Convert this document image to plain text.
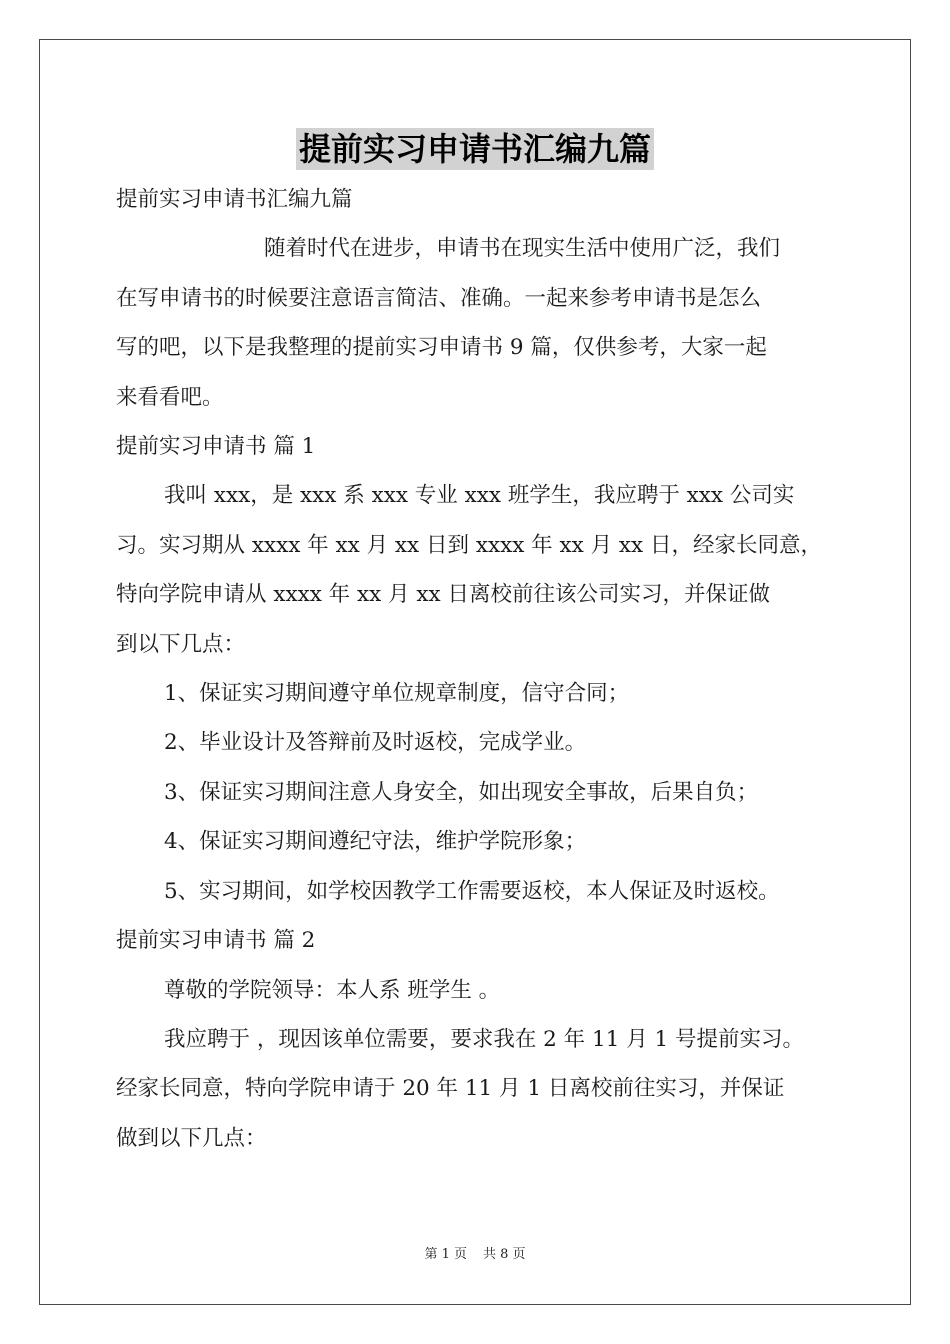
提前实习申请书汇编九篇

提前实习申请书汇编九篇

随着时代在进步，申请书在现实生活中使用广泛，我们

在写申请书的时候要注意语言简洁、准确。一起来参考申请书是怎么

写的吧，以下是我整理的提前实习申请书 9 篇，仅供参考，大家一起

来看看吧。

提前实习申请书 篇 1

我叫 xxx，是 xxx 系 xxx 专业 xxx 班学生，我应聘于 xxx 公司实

习。实习期从 xxxx 年 xx 月 xx 日到 xxxx 年 xx 月 xx 日，经家长同意，

特向学院申请从 xxxx 年 xx 月 xx 日离校前往该公司实习，并保证做

到以下几点：

1、保证实习期间遵守单位规章制度，信守合同；

2、毕业设计及答辩前及时返校，完成学业。

3、保证实习期间注意人身安全，如出现安全事故，后果自负；

4、保证实习期间遵纪守法，维护学院形象；

5、实习期间，如学校因教学工作需要返校，本人保证及时返校。

提前实习申请书 篇 2

尊敬的学院领导：本人系 班学生 。

我应聘于 ，现因该单位需要，要求我在 2 年 11 月 1 号提前实习。

经家长同意，特向学院申请于 20 年 11 月 1 日离校前往实习，并保证

做到以下几点：

第 1 页 共 8 页
